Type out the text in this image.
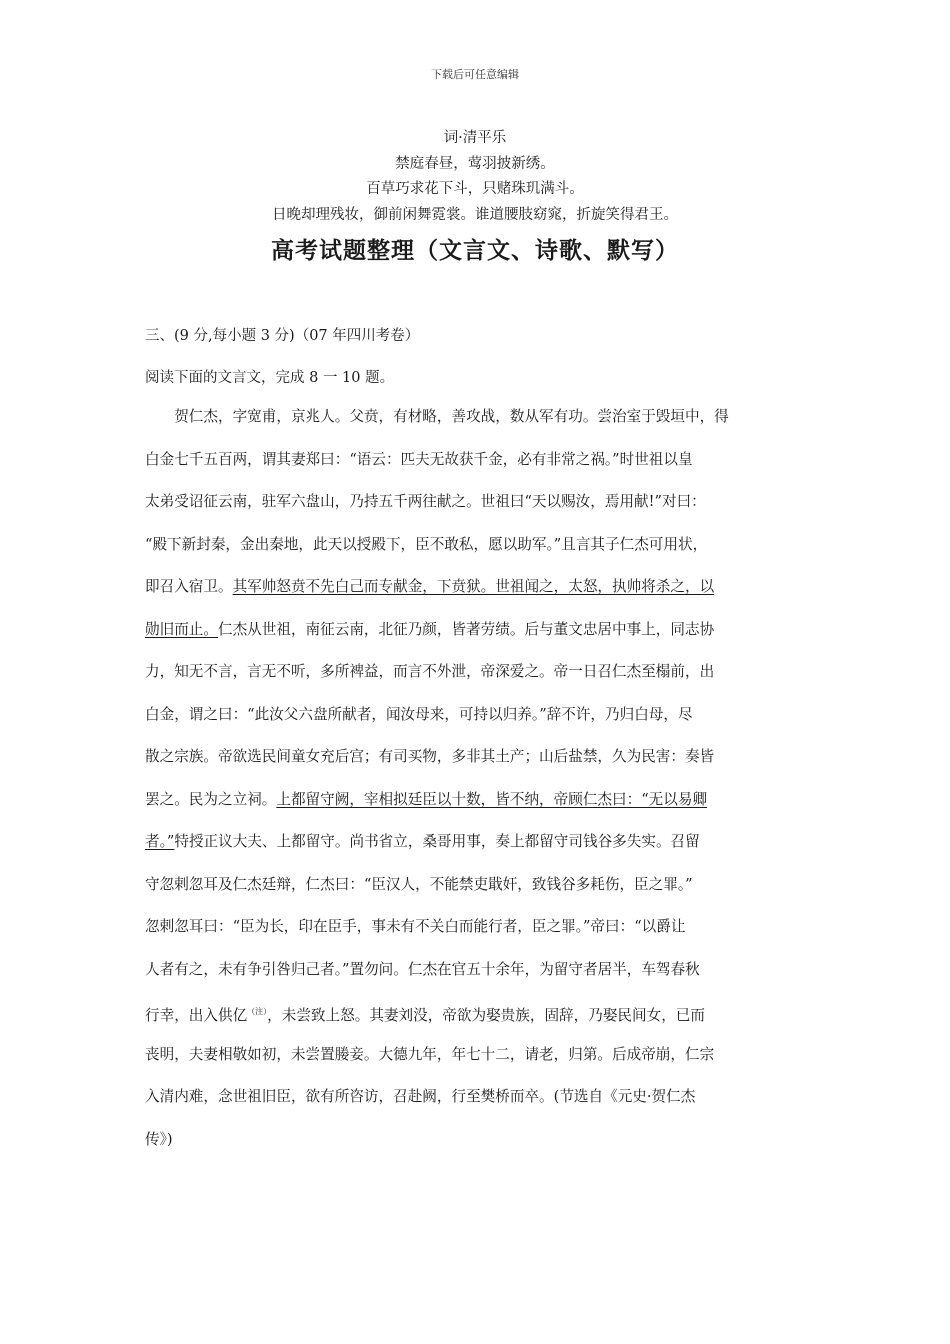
下载后可任意编辑
词·清平乐
禁庭春昼，莺羽披新绣。
百草巧求花下斗，只赌珠玑满斗。
日晚却理残妆，御前闲舞霓裳。谁道腰肢窈窕，折旋笑得君王。
高考试题整理（文言文、诗歌、默写）
三、(9 分,每小题 3 分)（07 年四川考卷）
阅读下面的文言文，完成 8 一 10 题。
　　贺仁杰，字宽甫，京兆人。父贲，有材略，善攻战，数从军有功。尝治室于毁垣中，得
白金七千五百两，谓其妻郑曰：“语云：匹夫无故获千金，必有非常之祸。”时世祖以皇
太弟受诏征云南，驻军六盘山，乃持五千两往献之。世祖曰“天以赐汝，焉用献!”对曰：
“殿下新封秦，金出秦地，此天以授殿下，臣不敢私，愿以助军。”且言其子仁杰可用状，
即召入宿卫。其军帅怒贲不先白己而专献金，下贲狱。世祖闻之，太怒，执帅将杀之，以
勋旧而止。仁杰从世祖，南征云南，北征乃颜，皆著劳绩。后与董文忠居中事上，同志协
力，知无不言，言无不听，多所裨益，而言不外泄，帝深爱之。帝一日召仁杰至榻前，出
白金，谓之曰：“此汝父六盘所献者，闻汝母来，可持以归养。”辞不许，乃归白母，尽
散之宗族。帝欲选民间童女充后宫；有司买物，多非其土产；山后盐禁，久为民害：奏皆
罢之。民为之立祠。上都留守阙，宰相拟廷臣以十数，皆不纳，帝顾仁杰曰：“无以易卿
者。”特授正议大夫、上都留守。尚书省立，桑哥用事，奏上都留守司钱谷多失实。召留
守忽剌忽耳及仁杰廷辩，仁杰曰：“臣汉人，不能禁吏戢奸，致钱谷多耗伤，臣之罪。”
忽剌忽耳曰：“臣为长，印在臣手，事未有不关白而能行者，臣之罪。”帝曰：“以爵让
人者有之，未有争引咎归己者。”置勿问。仁杰在官五十余年，为留守者居半，车驾春秋
行幸，出入供亿$^{(注)}$，未尝致上怒。其妻刘没，帝欲为娶贵族，固辞，乃娶民间女，已而
丧明，夫妻相敬如初，未尝置媵妾。大德九年，年七十二，请老，归第。后成帝崩，仁宗
入清内难，念世祖旧臣，欲有所咨访，召赴阙，行至樊桥而卒。(节选自《元史·贺仁杰
传》)
